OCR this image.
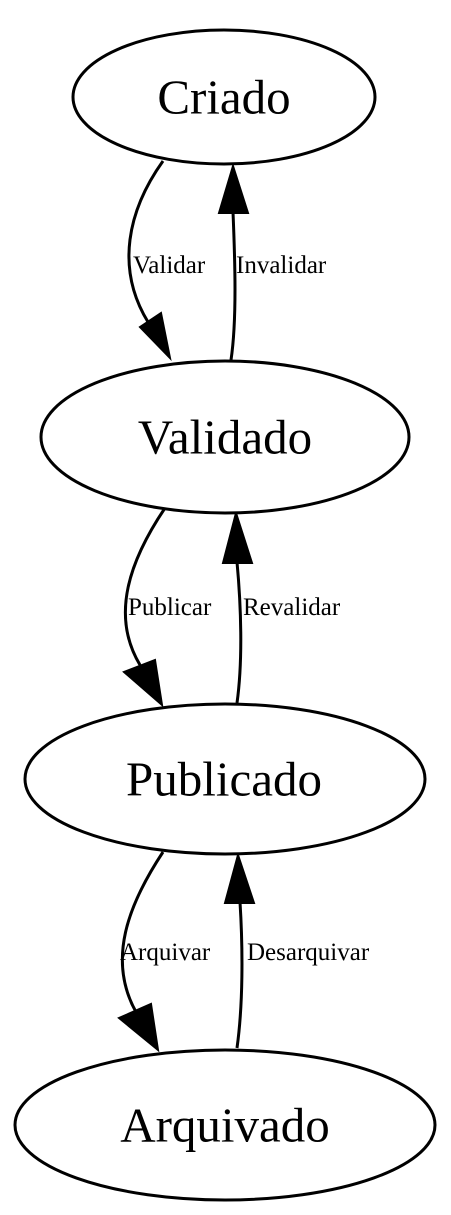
Validar Invalidar
Publicar Revalidar
Arquivar Desarquivar
Criado
Validado
Publicado
Arquivado
